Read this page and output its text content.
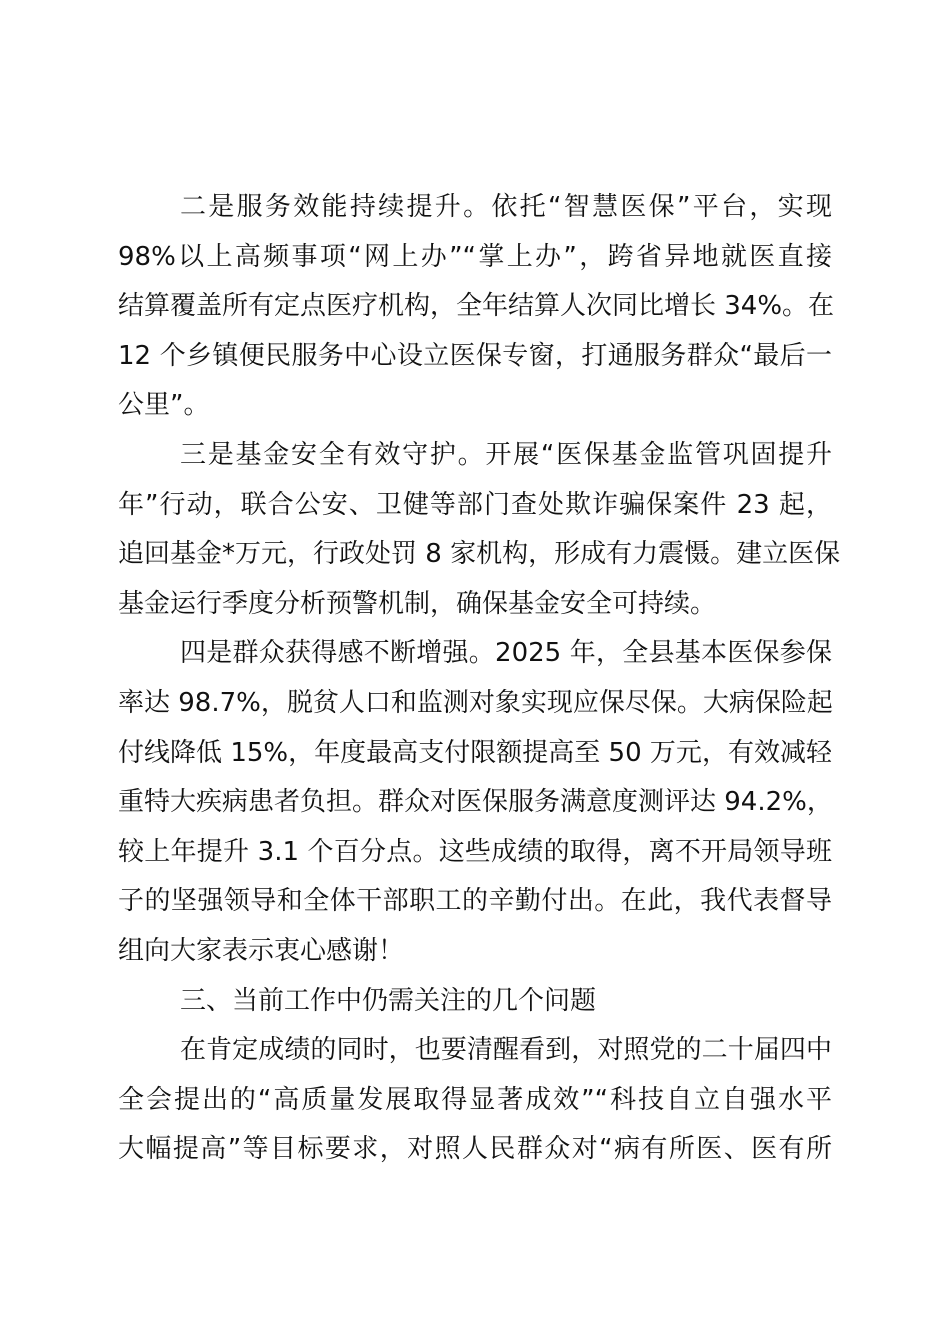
二是服务效能持续提升。依托“智慧医保”平台，实现
98%以上高频事项“网上办”“掌上办”，跨省异地就医直接
结算覆盖所有定点医疗机构，全年结算人次同比增长 34%。在
12 个乡镇便民服务中心设立医保专窗，打通服务群众“最后一
公里”。
三是基金安全有效守护。开展“医保基金监管巩固提升
年”行动，联合公安、卫健等部门查处欺诈骗保案件 23 起，
追回基金*万元，行政处罚 8 家机构，形成有力震慑。建立医保
基金运行季度分析预警机制，确保基金安全可持续。
四是群众获得感不断增强。2025 年，全县基本医保参保
率达 98.7%，脱贫人口和监测对象实现应保尽保。大病保险起
付线降低 15%，年度最高支付限额提高至 50 万元，有效减轻
重特大疾病患者负担。群众对医保服务满意度测评达 94.2%，
较上年提升 3.1 个百分点。这些成绩的取得，离不开局领导班
子的坚强领导和全体干部职工的辛勤付出。在此，我代表督导
组向大家表示衷心感谢！
三、当前工作中仍需关注的几个问题
在肯定成绩的同时，也要清醒看到，对照党的二十届四中
全会提出的“高质量发展取得显著成效”“科技自立自强水平
大幅提高”等目标要求，对照人民群众对“病有所医、医有所
